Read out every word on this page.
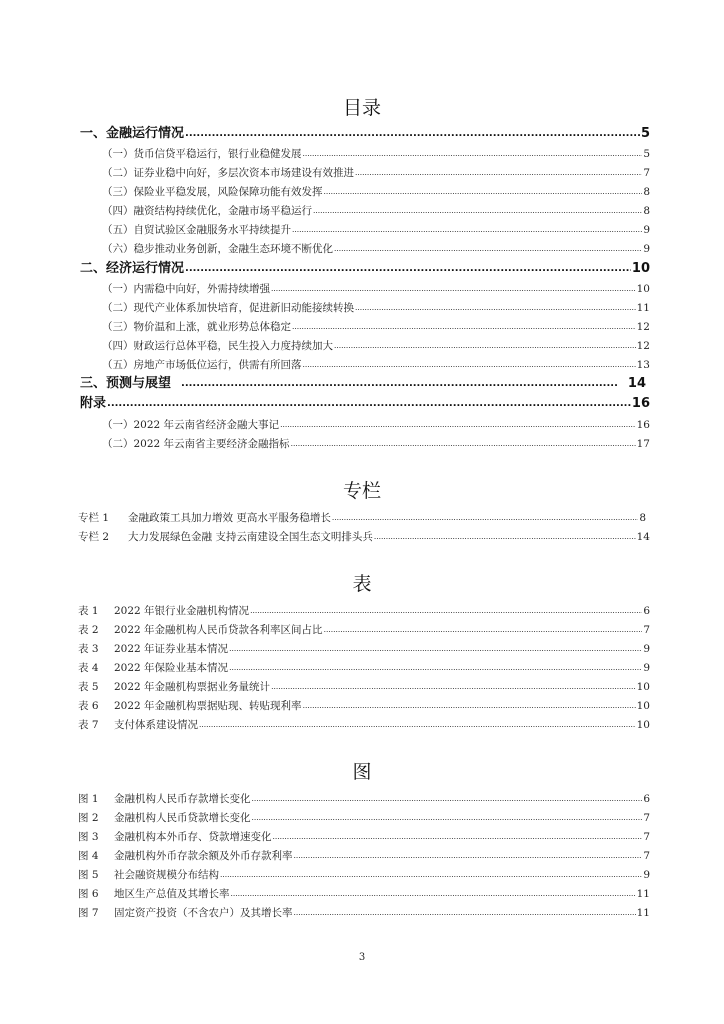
目录
一、金融运行情况 .....	5
（一）货币信贷平稳运行，银行业稳健发展 .....	5
（二）证券业稳中向好，多层次资本市场建设有效推进 .....	7
（三）保险业平稳发展，风险保障功能有效发挥 .....	8
（四）融资结构持续优化，金融市场平稳运行 .....	8
（五）自贸试验区金融服务水平持续提升 .....	9
（六）稳步推动业务创新，金融生态环境不断优化 .....	9
二、经济运行情况 .....	10
（一）内需稳中向好，外需持续增强 .....	10
（二）现代产业体系加快培育，促进新旧动能接续转换 .....	11
（三）物价温和上涨，就业形势总体稳定 .....	12
（四）财政运行总体平稳，民生投入力度持续加大 .....	12
（五）房地产市场低位运行，供需有所回落 .....	13
三、预测与展望 .....	14
附录 .....	16
（一）2022 年云南省经济金融大事记 .....	16
（二）2022 年云南省主要经济金融指标 .....	17
专栏
专栏 1 金融政策工具加力增效 更高水平服务稳增长 .....	8
专栏 2 大力发展绿色金融 支持云南建设全国生态文明排头兵 .....	14
表
表 1 2022 年银行业金融机构情况 .....	6
表 2 2022 年金融机构人民币贷款各利率区间占比 .....	7
表 3 2022 年证券业基本情况 .....	9
表 4 2022 年保险业基本情况 .....	9
表 5 2022 年金融机构票据业务量统计 .....	10
表 6 2022 年金融机构票据贴现、转贴现利率 .....	10
表 7 支付体系建设情况 .....	10
图
图 1 金融机构人民币存款增长变化 .....	6
图 2 金融机构人民币贷款增长变化 .....	7
图 3 金融机构本外币存、贷款增速变化 .....	7
图 4 金融机构外币存款余额及外币存款利率 .....	7
图 5 社会融资规模分布结构 .....	9
图 6 地区生产总值及其增长率 .....	11
图 7 固定资产投资（不含农户）及其增长率 .....	11
3
